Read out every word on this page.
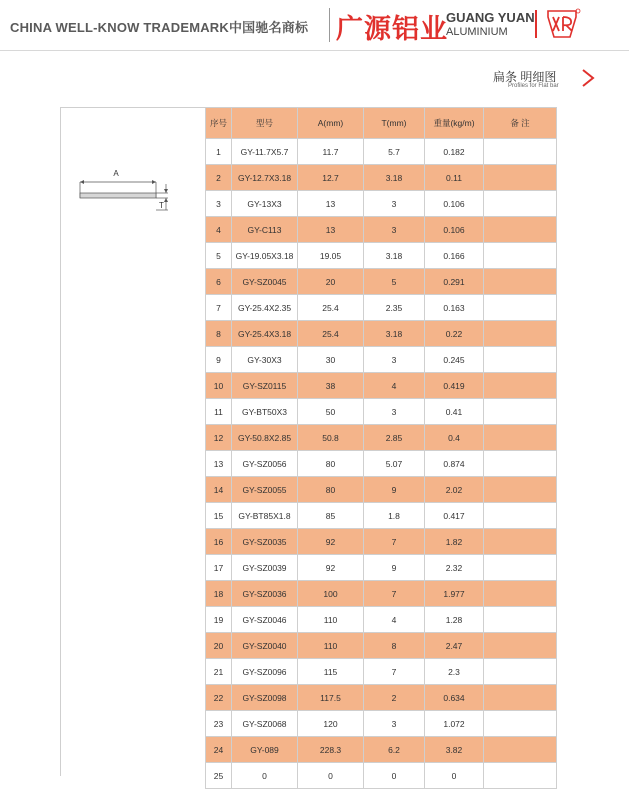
CHINA WELL-KNOW TRADEMARK中国驰名商标 广源铝业
GUANG YUAN
ALUMINIUM
扁条 明细图
Profiles for Flat bar
A
T
序号	型号	A(mm)	T(mm)	重量(kg/m)	备 注
1	GY-11.7X5.7	11.7	5.7	0.182	
2	GY-12.7X3.18	12.7	3.18	0.11	
3	GY-13X3	13	3	0.106	
4	GY-C113	13	3	0.106	
5	GY-19.05X3.18	19.05	3.18	0.166	
6	GY-SZ0045	20	5	0.291	
7	GY-25.4X2.35	25.4	2.35	0.163	
8	GY-25.4X3.18	25.4	3.18	0.22	
9	GY-30X3	30	3	0.245	
10	GY-SZ0115	38	4	0.419	
11	GY-BT50X3	50	3	0.41	
12	GY-50.8X2.85	50.8	2.85	0.4	
13	GY-SZ0056	80	5.07	0.874	
14	GY-SZ0055	80	9	2.02	
15	GY-BT85X1.8	85	1.8	0.417	
16	GY-SZ0035	92	7	1.82	
17	GY-SZ0039	92	9	2.32	
18	GY-SZ0036	100	7	1.977	
19	GY-SZ0046	110	4	1.28	
20	GY-SZ0040	110	8	2.47	
21	GY-SZ0096	115	7	2.3	
22	GY-SZ0098	117.5	2	0.634	
23	GY-SZ0068	120	3	1.072	
24	GY-089	228.3	6.2	3.82	
25	0	0	0	0	
